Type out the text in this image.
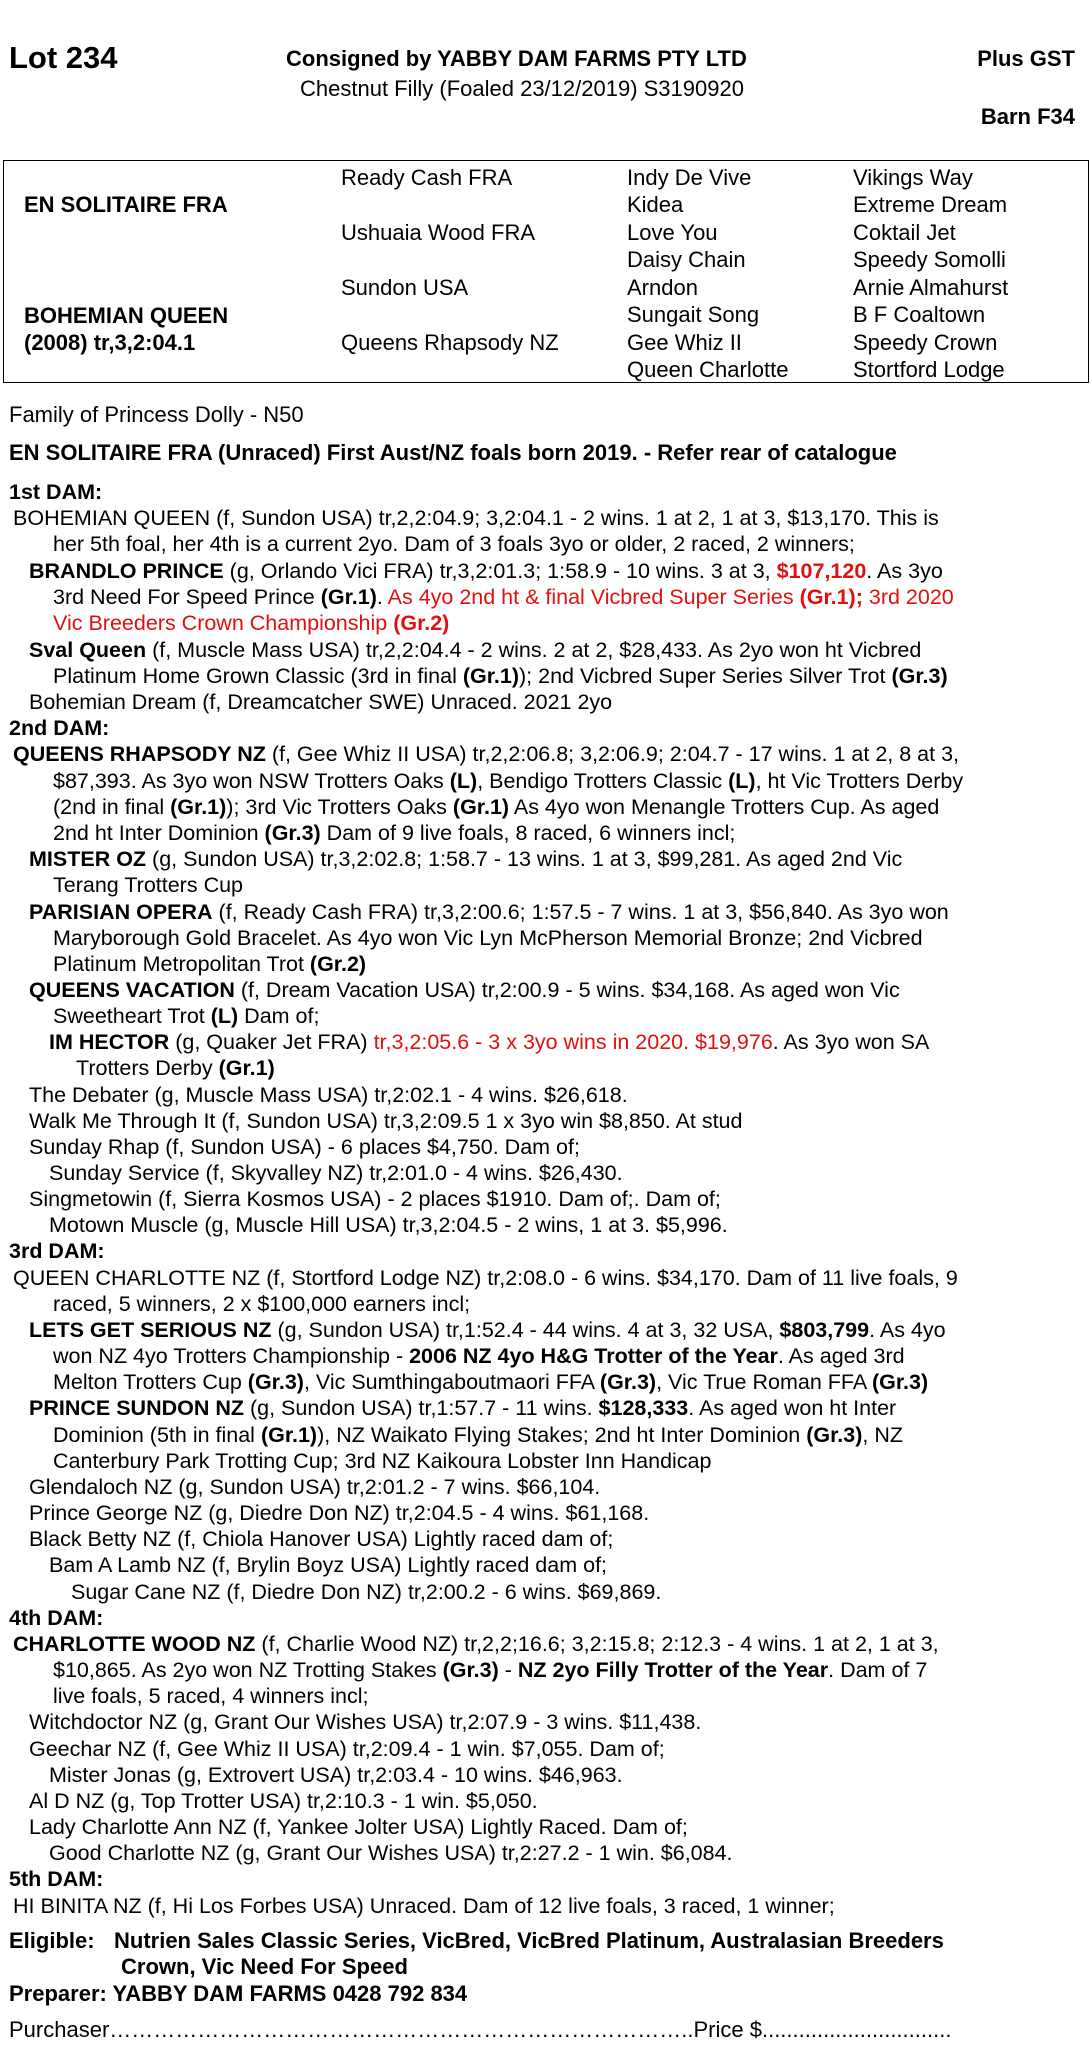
Lot 234	Consigned by YABBY DAM FARMS PTY LTD
Chestnut Filly (Foaled 23/12/2019) S3190920
Plus GST
Barn F34
EN SOLITAIRE FRA
BOHEMIAN QUEEN
(2008) tr,3,2:04.1
Ready Cash FRA
Ushuaia Wood FRA
Sundon USA
Queens Rhapsody NZ
Indy De Vive
Kidea
Love You
Daisy Chain
Arndon
Sungait Song
Gee Whiz II
Queen Charlotte
Vikings Way
Extreme Dream
Coktail Jet
Speedy Somolli
Arnie Almahurst
B F Coaltown
Speedy Crown
Stortford Lodge
Family of Princess Dolly - N50
EN SOLITAIRE FRA (Unraced) First Aust/NZ foals born 2019. - Refer rear of catalogue
1st DAM:
BOHEMIAN QUEEN (f, Sundon USA) tr,2,2:04.9; 3,2:04.1 - 2 wins. 1 at 2, 1 at 3, $13,170. This is
her 5th foal, her 4th is a current 2yo. Dam of 3 foals 3yo or older, 2 raced, 2 winners;
BRANDLO PRINCE (g, Orlando Vici FRA) tr,3,2:01.3; 1:58.9 - 10 wins. 3 at 3, $107,120. As 3yo
3rd Need For Speed Prince (Gr.1). As 4yo 2nd ht & final Vicbred Super Series (Gr.1); 3rd 2020
Vic Breeders Crown Championship (Gr.2)
Sval Queen (f, Muscle Mass USA) tr,2,2:04.4 - 2 wins. 2 at 2, $28,433. As 2yo won ht Vicbred
Platinum Home Grown Classic (3rd in final (Gr.1)); 2nd Vicbred Super Series Silver Trot (Gr.3)
Bohemian Dream (f, Dreamcatcher SWE) Unraced. 2021 2yo
2nd DAM:
QUEENS RHAPSODY NZ (f, Gee Whiz II USA) tr,2,2:06.8; 3,2:06.9; 2:04.7 - 17 wins. 1 at 2, 8 at 3,
$87,393. As 3yo won NSW Trotters Oaks (L), Bendigo Trotters Classic (L), ht Vic Trotters Derby
(2nd in final (Gr.1)); 3rd Vic Trotters Oaks (Gr.1) As 4yo won Menangle Trotters Cup. As aged
2nd ht Inter Dominion (Gr.3) Dam of 9 live foals, 8 raced, 6 winners incl;
MISTER OZ (g, Sundon USA) tr,3,2:02.8; 1:58.7 - 13 wins. 1 at 3, $99,281. As aged 2nd Vic
Terang Trotters Cup
PARISIAN OPERA (f, Ready Cash FRA) tr,3,2:00.6; 1:57.5 - 7 wins. 1 at 3, $56,840. As 3yo won
Maryborough Gold Bracelet. As 4yo won Vic Lyn McPherson Memorial Bronze; 2nd Vicbred
Platinum Metropolitan Trot (Gr.2)
QUEENS VACATION (f, Dream Vacation USA) tr,2:00.9 - 5 wins. $34,168. As aged won Vic
Sweetheart Trot (L) Dam of;
IM HECTOR (g, Quaker Jet FRA) tr,3,2:05.6 - 3 x 3yo wins in 2020. $19,976. As 3yo won SA
Trotters Derby (Gr.1)
The Debater (g, Muscle Mass USA) tr,2:02.1 - 4 wins. $26,618.
Walk Me Through It (f, Sundon USA) tr,3,2:09.5 1 x 3yo win $8,850. At stud
Sunday Rhap (f, Sundon USA) - 6 places $4,750. Dam of;
Sunday Service (f, Skyvalley NZ) tr,2:01.0 - 4 wins. $26,430.
Singmetowin (f, Sierra Kosmos USA) - 2 places $1910. Dam of;. Dam of;
Motown Muscle (g, Muscle Hill USA) tr,3,2:04.5 - 2 wins, 1 at 3. $5,996.
3rd DAM:
QUEEN CHARLOTTE NZ (f, Stortford Lodge NZ) tr,2:08.0 - 6 wins. $34,170. Dam of 11 live foals, 9
raced, 5 winners, 2 x $100,000 earners incl;
LETS GET SERIOUS NZ (g, Sundon USA) tr,1:52.4 - 44 wins. 4 at 3, 32 USA, $803,799. As 4yo
won NZ 4yo Trotters Championship - 2006 NZ 4yo H&G Trotter of the Year. As aged 3rd
Melton Trotters Cup (Gr.3), Vic Sumthingaboutmaori FFA (Gr.3), Vic True Roman FFA (Gr.3)
PRINCE SUNDON NZ (g, Sundon USA) tr,1:57.7 - 11 wins. $128,333. As aged won ht Inter
Dominion (5th in final (Gr.1)), NZ Waikato Flying Stakes; 2nd ht Inter Dominion (Gr.3), NZ
Canterbury Park Trotting Cup; 3rd NZ Kaikoura Lobster Inn Handicap
Glendaloch NZ (g, Sundon USA) tr,2:01.2 - 7 wins. $66,104.
Prince George NZ (g, Diedre Don NZ) tr,2:04.5 - 4 wins. $61,168.
Black Betty NZ (f, Chiola Hanover USA) Lightly raced dam of;
Bam A Lamb NZ (f, Brylin Boyz USA) Lightly raced dam of;
Sugar Cane NZ (f, Diedre Don NZ) tr,2:00.2 - 6 wins. $69,869.
4th DAM:
CHARLOTTE WOOD NZ (f, Charlie Wood NZ) tr,2,2;16.6; 3,2:15.8; 2:12.3 - 4 wins. 1 at 2, 1 at 3,
$10,865. As 2yo won NZ Trotting Stakes (Gr.3) - NZ 2yo Filly Trotter of the Year. Dam of 7
live foals, 5 raced, 4 winners incl;
Witchdoctor NZ (g, Grant Our Wishes USA) tr,2:07.9 - 3 wins. $11,438.
Geechar NZ (f, Gee Whiz II USA) tr,2:09.4 - 1 win. $7,055. Dam of;
Mister Jonas (g, Extrovert USA) tr,2:03.4 - 10 wins. $46,963.
Al D NZ (g, Top Trotter USA) tr,2:10.3 - 1 win. $5,050.
Lady Charlotte Ann NZ (f, Yankee Jolter USA) Lightly Raced. Dam of;
Good Charlotte NZ (g, Grant Our Wishes USA) tr,2:27.2 - 1 win. $6,084.
5th DAM:
HI BINITA NZ (f, Hi Los Forbes USA) Unraced. Dam of 12 live foals, 3 raced, 1 winner;
Eligible: Nutrien Sales Classic Series, VicBred, VicBred Platinum, Australasian Breeders
Crown, Vic Need For Speed
Preparer: YABBY DAM FARMS 0428 792 834
Purchaser……………………………………………………………………..Price $...............................
